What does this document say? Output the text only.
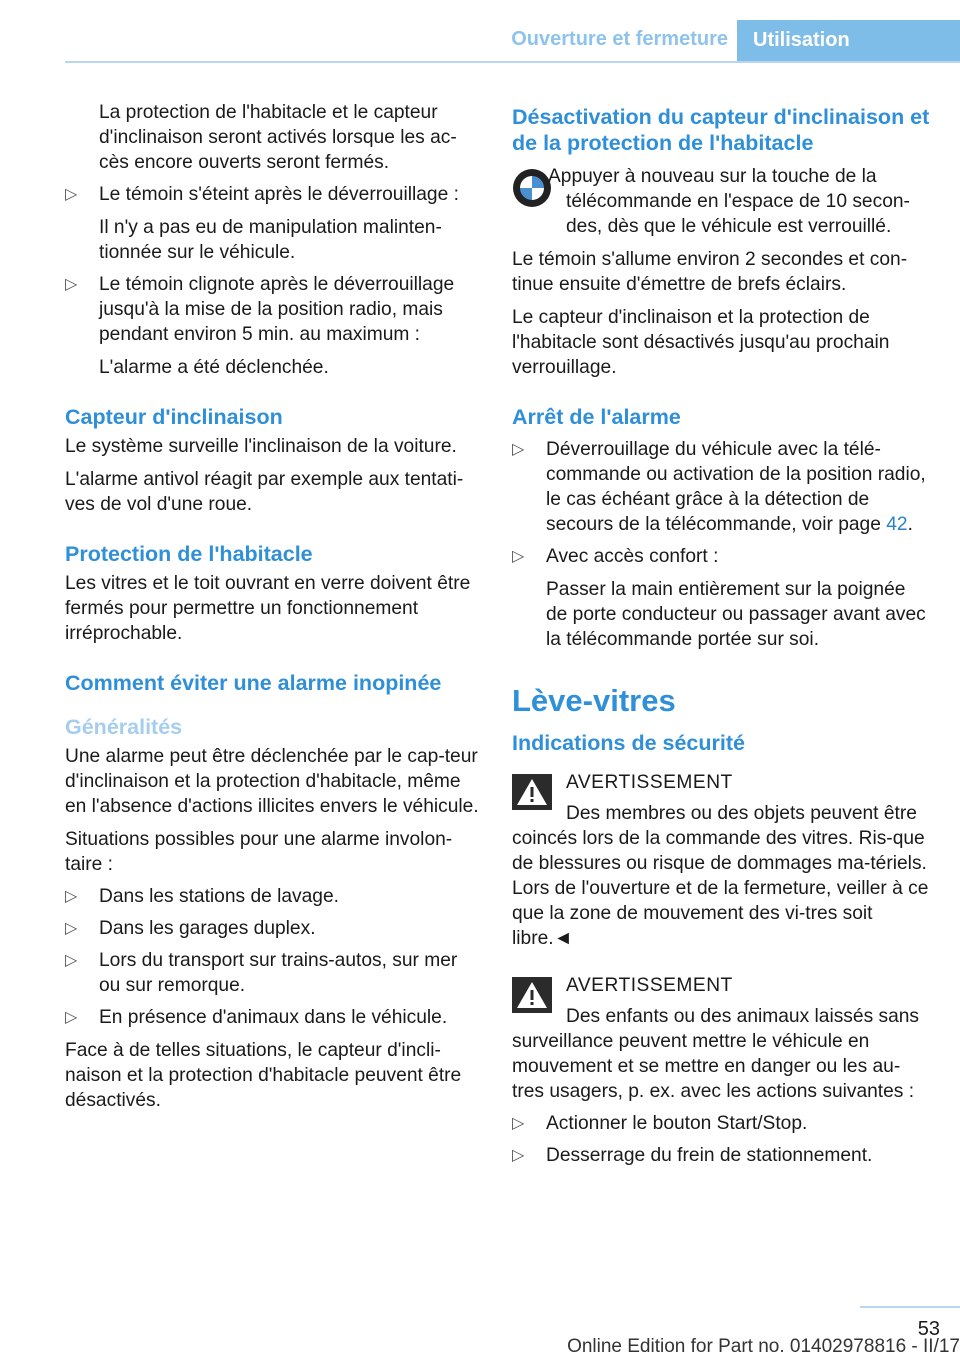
Ouverture et fermeture	Utilisation

La protection de l'habitacle et le capteur d'inclinaison seront activés lorsque les ac-cès encore ouverts seront fermés.

▷ Le témoin s'éteint après le déverrouillage :

Il n'y a pas eu de manipulation malinten-tionnée sur le véhicule.

▷ Le témoin clignote après le déverrouillage jusqu'à la mise de la position radio, mais pendant environ 5 min. au maximum :

L'alarme a été déclenchée.

Capteur d'inclinaison

Le système surveille l'inclinaison de la voiture.

L'alarme antivol réagit par exemple aux tentati-ves de vol d'une roue.

Protection de l'habitacle

Les vitres et le toit ouvrant en verre doivent être fermés pour permettre un fonctionnement irréprochable.

Comment éviter une alarme inopinée
Généralités

Une alarme peut être déclenchée par le cap-teur d'inclinaison et la protection d'habitacle, même en l'absence d'actions illicites envers le véhicule.

Situations possibles pour une alarme involon-taire :

▷ Dans les stations de lavage.
▷ Dans les garages duplex.
▷ Lors du transport sur trains-autos, sur mer ou sur remorque.
▷ En présence d'animaux dans le véhicule.

Face à de telles situations, le capteur d'incli-naison et la protection d'habitacle peuvent être désactivés.

Désactivation du capteur d'inclinaison et de la protection de l'habitacle

Appuyer à nouveau sur la touche de la télécommande en l'espace de 10 secon-des, dès que le véhicule est verrouillé.

Le témoin s'allume environ 2 secondes et con-tinue ensuite d'émettre de brefs éclairs.

Le capteur d'inclinaison et la protection de l'habitacle sont désactivés jusqu'au prochain verrouillage.

Arrêt de l'alarme
▷ Déverrouillage du véhicule avec la télé-commande ou activation de la position radio, le cas échéant grâce à la détection de secours de la télécommande, voir page 42.
▷ Avec accès confort :

Passer la main entièrement sur la poignée de porte conducteur ou passager avant avec la télécommande portée sur soi.

Lève-vitres
Indications de sécurité

AVERTISSEMENT

Des membres ou des objets peuvent être coincés lors de la commande des vitres. Ris-que de blessures ou risque de dommages ma-tériels. Lors de l'ouverture et de la fermeture, veiller à ce que la zone de mouvement des vi-tres soit libre.◄

AVERTISSEMENT

Des enfants ou des animaux laissés sans surveillance peuvent mettre le véhicule en mouvement et se mettre en danger ou les au-tres usagers, p. ex. avec les actions suivantes :

▷ Actionner le bouton Start/Stop.
▷ Desserrage du frein de stationnement.
53
Online Edition for Part no. 01402978816 - II/17
